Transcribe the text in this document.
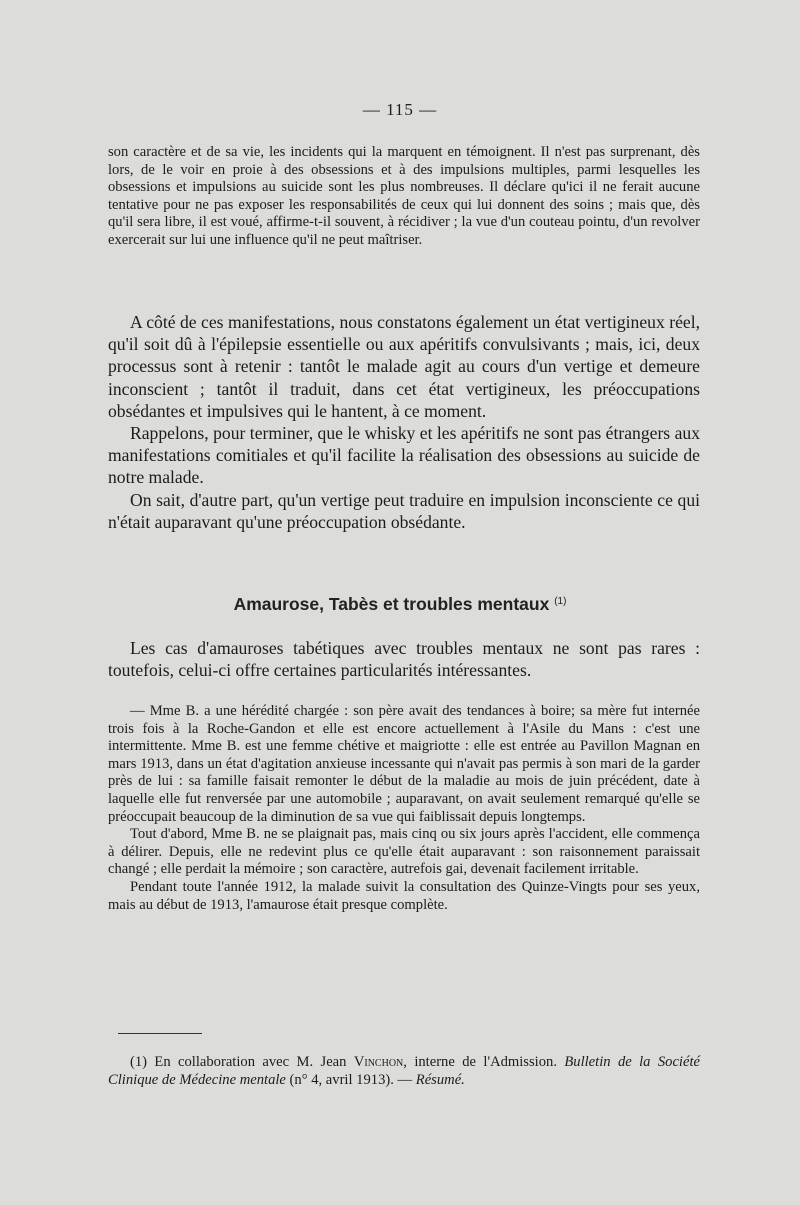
— 115 —

son caractère et de sa vie, les incidents qui la marquent en témoignent. Il n'est pas surprenant, dès lors, de le voir en proie à des obsessions et à des impulsions multiples, parmi lesquelles les obsessions et impulsions au suicide sont les plus nombreuses. Il déclare qu'ici il ne ferait aucune tentative pour ne pas exposer les responsabilités de ceux qui lui donnent des soins ; mais que, dès qu'il sera libre, il est voué, affirme-t-il souvent, à récidiver ; la vue d'un couteau pointu, d'un revolver exercerait sur lui une influence qu'il ne peut maîtriser.

A côté de ces manifestations, nous constatons également un état vertigineux réel, qu'il soit dû à l'épilepsie essentielle ou aux apéritifs convulsivants ; mais, ici, deux processus sont à retenir : tantôt le malade agit au cours d'un vertige et demeure inconscient ; tantôt il traduit, dans cet état vertigineux, les préoccupations obsédantes et impulsives qui le hantent, à ce moment.

Rappelons, pour terminer, que le whisky et les apéritifs ne sont pas étrangers aux manifestations comitiales et qu'il facilite la réalisation des obsessions au suicide de notre malade.

On sait, d'autre part, qu'un vertige peut traduire en impulsion inconsciente ce qui n'était auparavant qu'une préoccupation obsédante.

Amaurose, Tabès et troubles mentaux $^{(1)}$

Les cas d'amauroses tabétiques avec troubles mentaux ne sont pas rares : toutefois, celui-ci offre certaines particularités intéressantes.

— Mme B. a une hérédité chargée : son père avait des tendances à boire; sa mère fut internée trois fois à la Roche-Gandon et elle est encore actuellement à l'Asile du Mans : c'est une intermittente. Mme B. est une femme chétive et maigriotte : elle est entrée au Pavillon Magnan en mars 1913, dans un état d'agitation anxieuse incessante qui n'avait pas permis à son mari de la garder près de lui : sa famille faisait remonter le début de la maladie au mois de juin précédent, date à laquelle elle fut renversée par une automobile ; auparavant, on avait seulement remarqué qu'elle se préoccupait beaucoup de la diminution de sa vue qui faiblissait depuis longtemps.

Tout d'abord, Mme B. ne se plaignait pas, mais cinq ou six jours après l'accident, elle commença à délirer. Depuis, elle ne redevint plus ce qu'elle était auparavant : son raisonnement paraissait changé ; elle perdait la mémoire ; son caractère, autrefois gai, devenait facilement irritable.

Pendant toute l'année 1912, la malade suivit la consultation des Quinze-Vingts pour ses yeux, mais au début de 1913, l'amaurose était presque complète.

(1) En collaboration avec M. Jean Vinchon, interne de l'Admission. Bulletin de la Société Clinique de Médecine mentale (n° 4, avril 1913). — Résumé.
